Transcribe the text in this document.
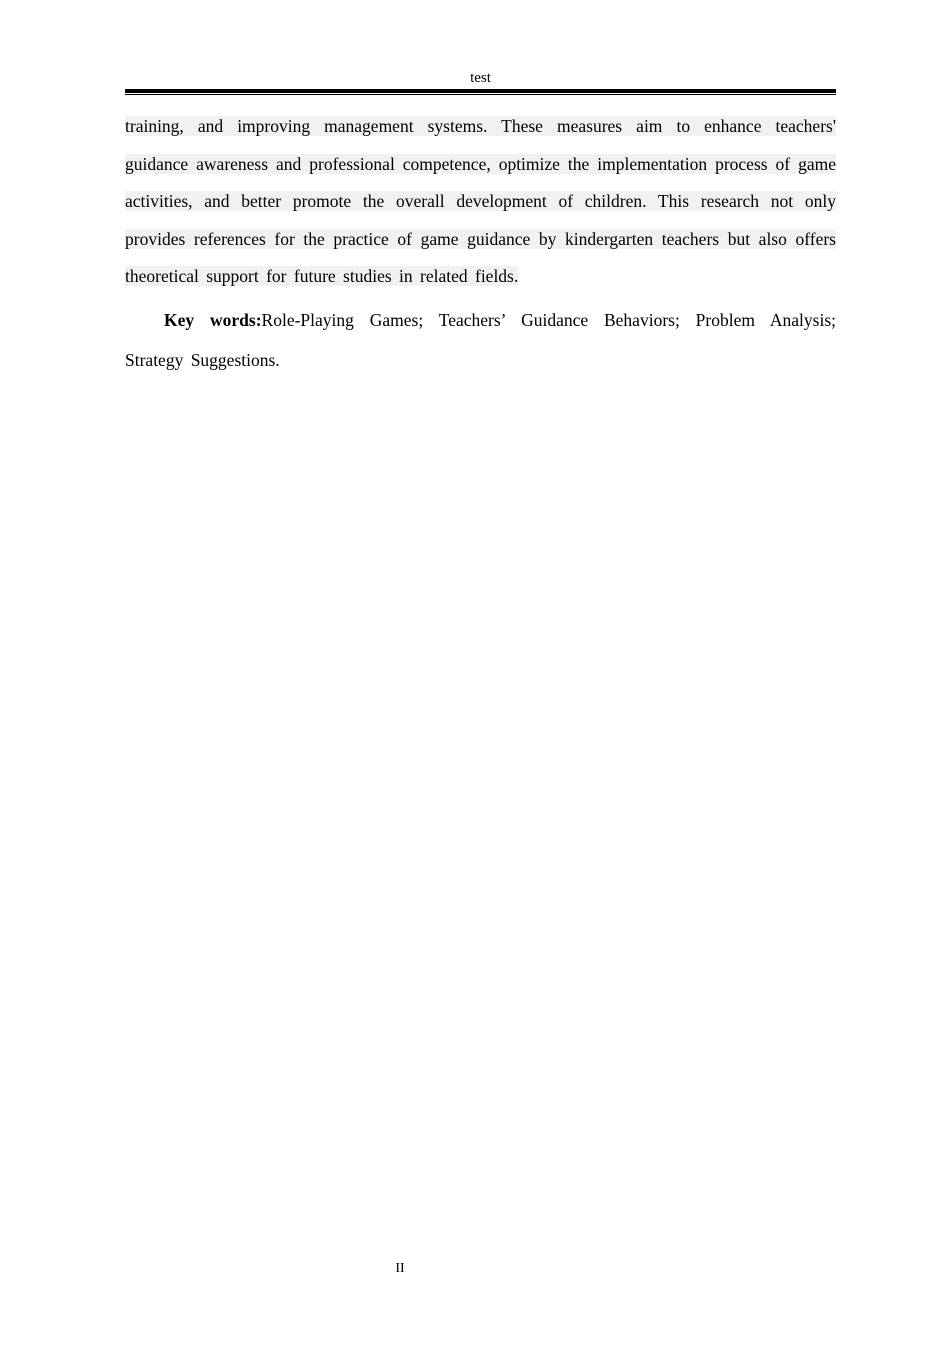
test

training, and improving management systems. These measures aim to enhance teachers' guidance awareness and professional competence, optimize the implementation process of game activities, and better promote the overall development of children. This research not only provides references for the practice of game guidance by kindergarten teachers but also offers theoretical support for future studies in related fields.

Key words:Role-Playing Games; Teachers’ Guidance Behaviors; Problem Analysis; Strategy Suggestions.

II
